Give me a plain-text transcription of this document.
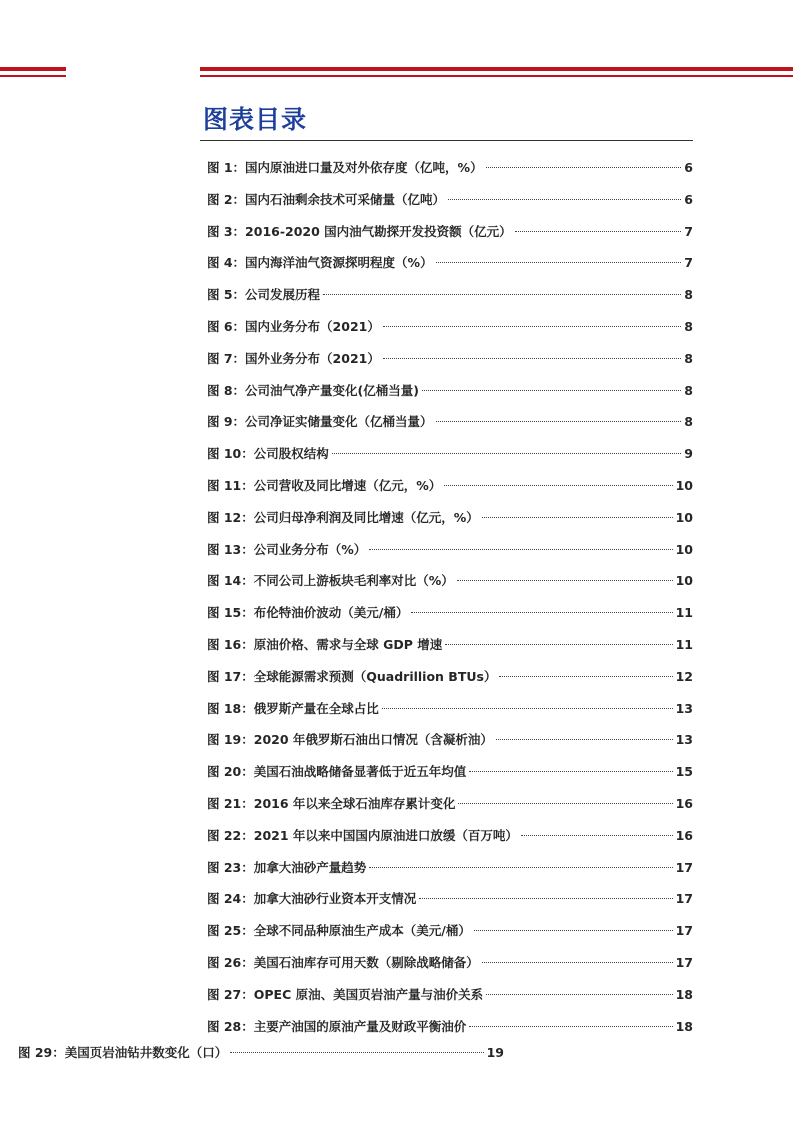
图表目录
图 1：国内原油进口量及对外依存度（亿吨，%）	6
图 2：国内石油剩余技术可采储量（亿吨）	6
图 3：2016-2020 国内油气勘探开发投资额（亿元）	7
图 4：国内海洋油气资源探明程度（%）	7
图 5：公司发展历程	8
图 6：国内业务分布（2021）	8
图 7：国外业务分布（2021）	8
图 8：公司油气净产量变化(亿桶当量)	8
图 9：公司净证实储量变化（亿桶当量）	8
图 10：公司股权结构	9
图 11：公司营收及同比增速（亿元，%）	10
图 12：公司归母净利润及同比增速（亿元，%）	10
图 13：公司业务分布（%）	10
图 14：不同公司上游板块毛利率对比（%）	10
图 15：布伦特油价波动（美元/桶）	11
图 16：原油价格、需求与全球 GDP 增速	11
图 17：全球能源需求预测（Quadrillion BTUs）	12
图 18：俄罗斯产量在全球占比	13
图 19：2020 年俄罗斯石油出口情况（含凝析油）	13
图 20：美国石油战略储备显著低于近五年均值	15
图 21：2016 年以来全球石油库存累计变化	16
图 22：2021 年以来中国国内原油进口放缓（百万吨）	16
图 23：加拿大油砂产量趋势	17
图 24：加拿大油砂行业资本开支情况	17
图 25：全球不同品种原油生产成本（美元/桶）	17
图 26：美国石油库存可用天数（剔除战略储备）	17
图 27：OPEC 原油、美国页岩油产量与油价关系	18
图 28：主要产油国的原油产量及财政平衡油价	18
图 29：美国页岩油钻井数变化（口）	19
